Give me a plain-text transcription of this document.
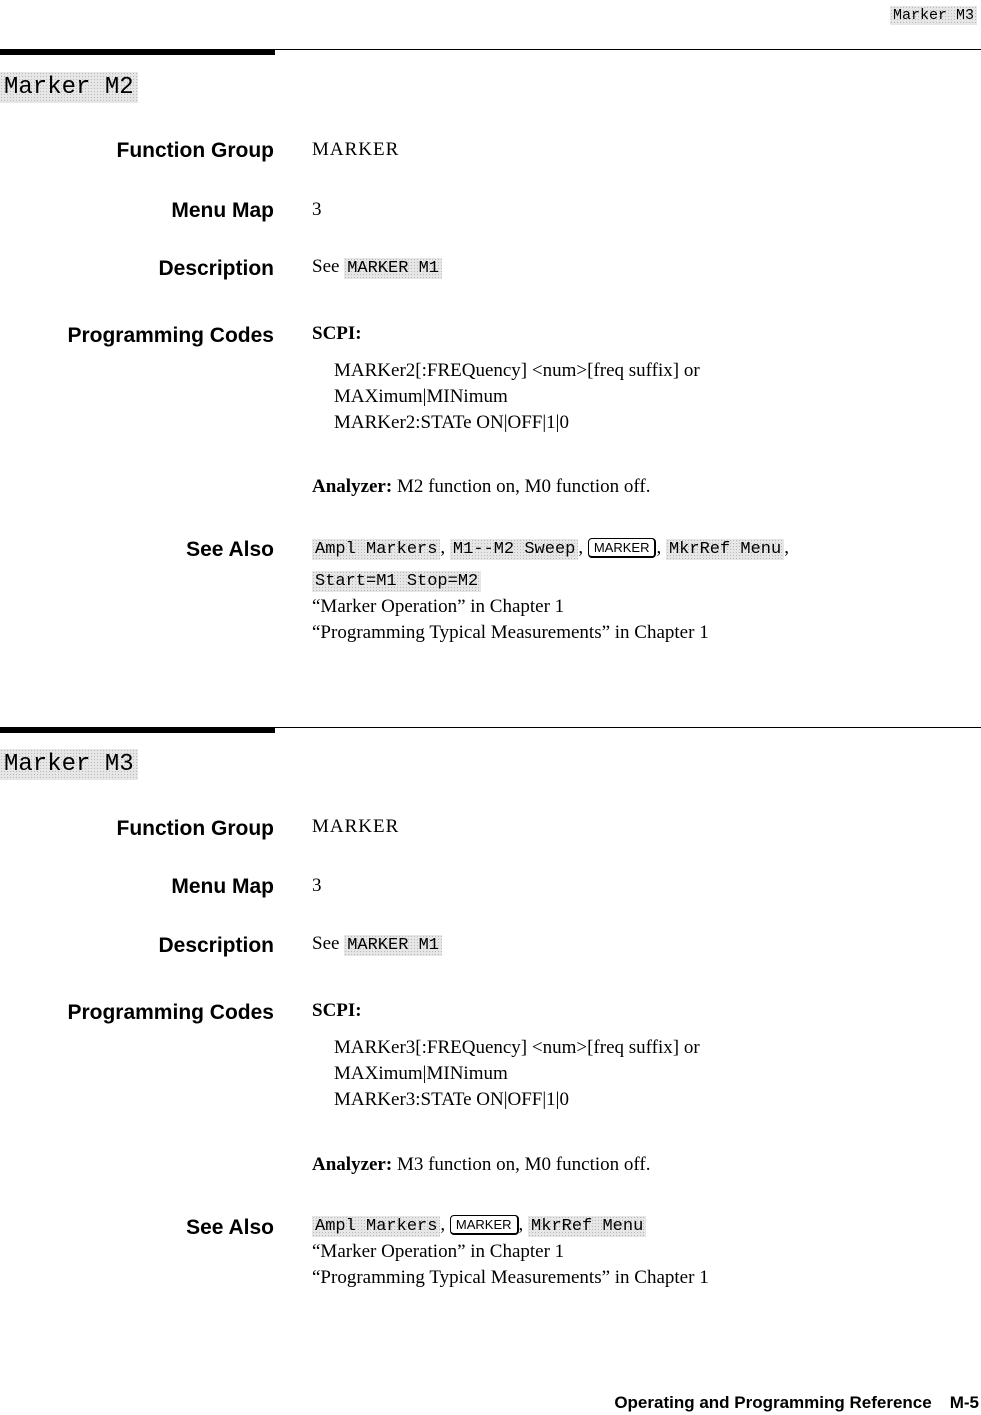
Marker M3
Marker M2
Function Group MARKER
Menu Map 3
Description See MARKER M1
Programming Codes SCPI:
MARKer2[:FREQuency] <num>[freq suffix] or
MAXimum|MINimum
MARKer2:STATe ON|OFF|1|0
Analyzer: M2 function on, M0 function off.
See Also Ampl Markers , M1--M2 Sweep , MARKER , MkrRef Menu ,
Start=M1 Stop=M2
“Marker Operation” in Chapter 1
“Programming Typical Measurements” in Chapter 1
Marker M3
Function Group MARKER
Menu Map 3
Description See MARKER M1
Programming Codes SCPI:
MARKer3[:FREQuency] <num>[freq suffix] or
MAXimum|MINimum
MARKer3:STATe ON|OFF|1|0
Analyzer: M3 function on, M0 function off.
See Also Ampl Markers , MARKER , MkrRef Menu
“Marker Operation” in Chapter 1
“Programming Typical Measurements” in Chapter 1
Operating and Programming Reference M-5
